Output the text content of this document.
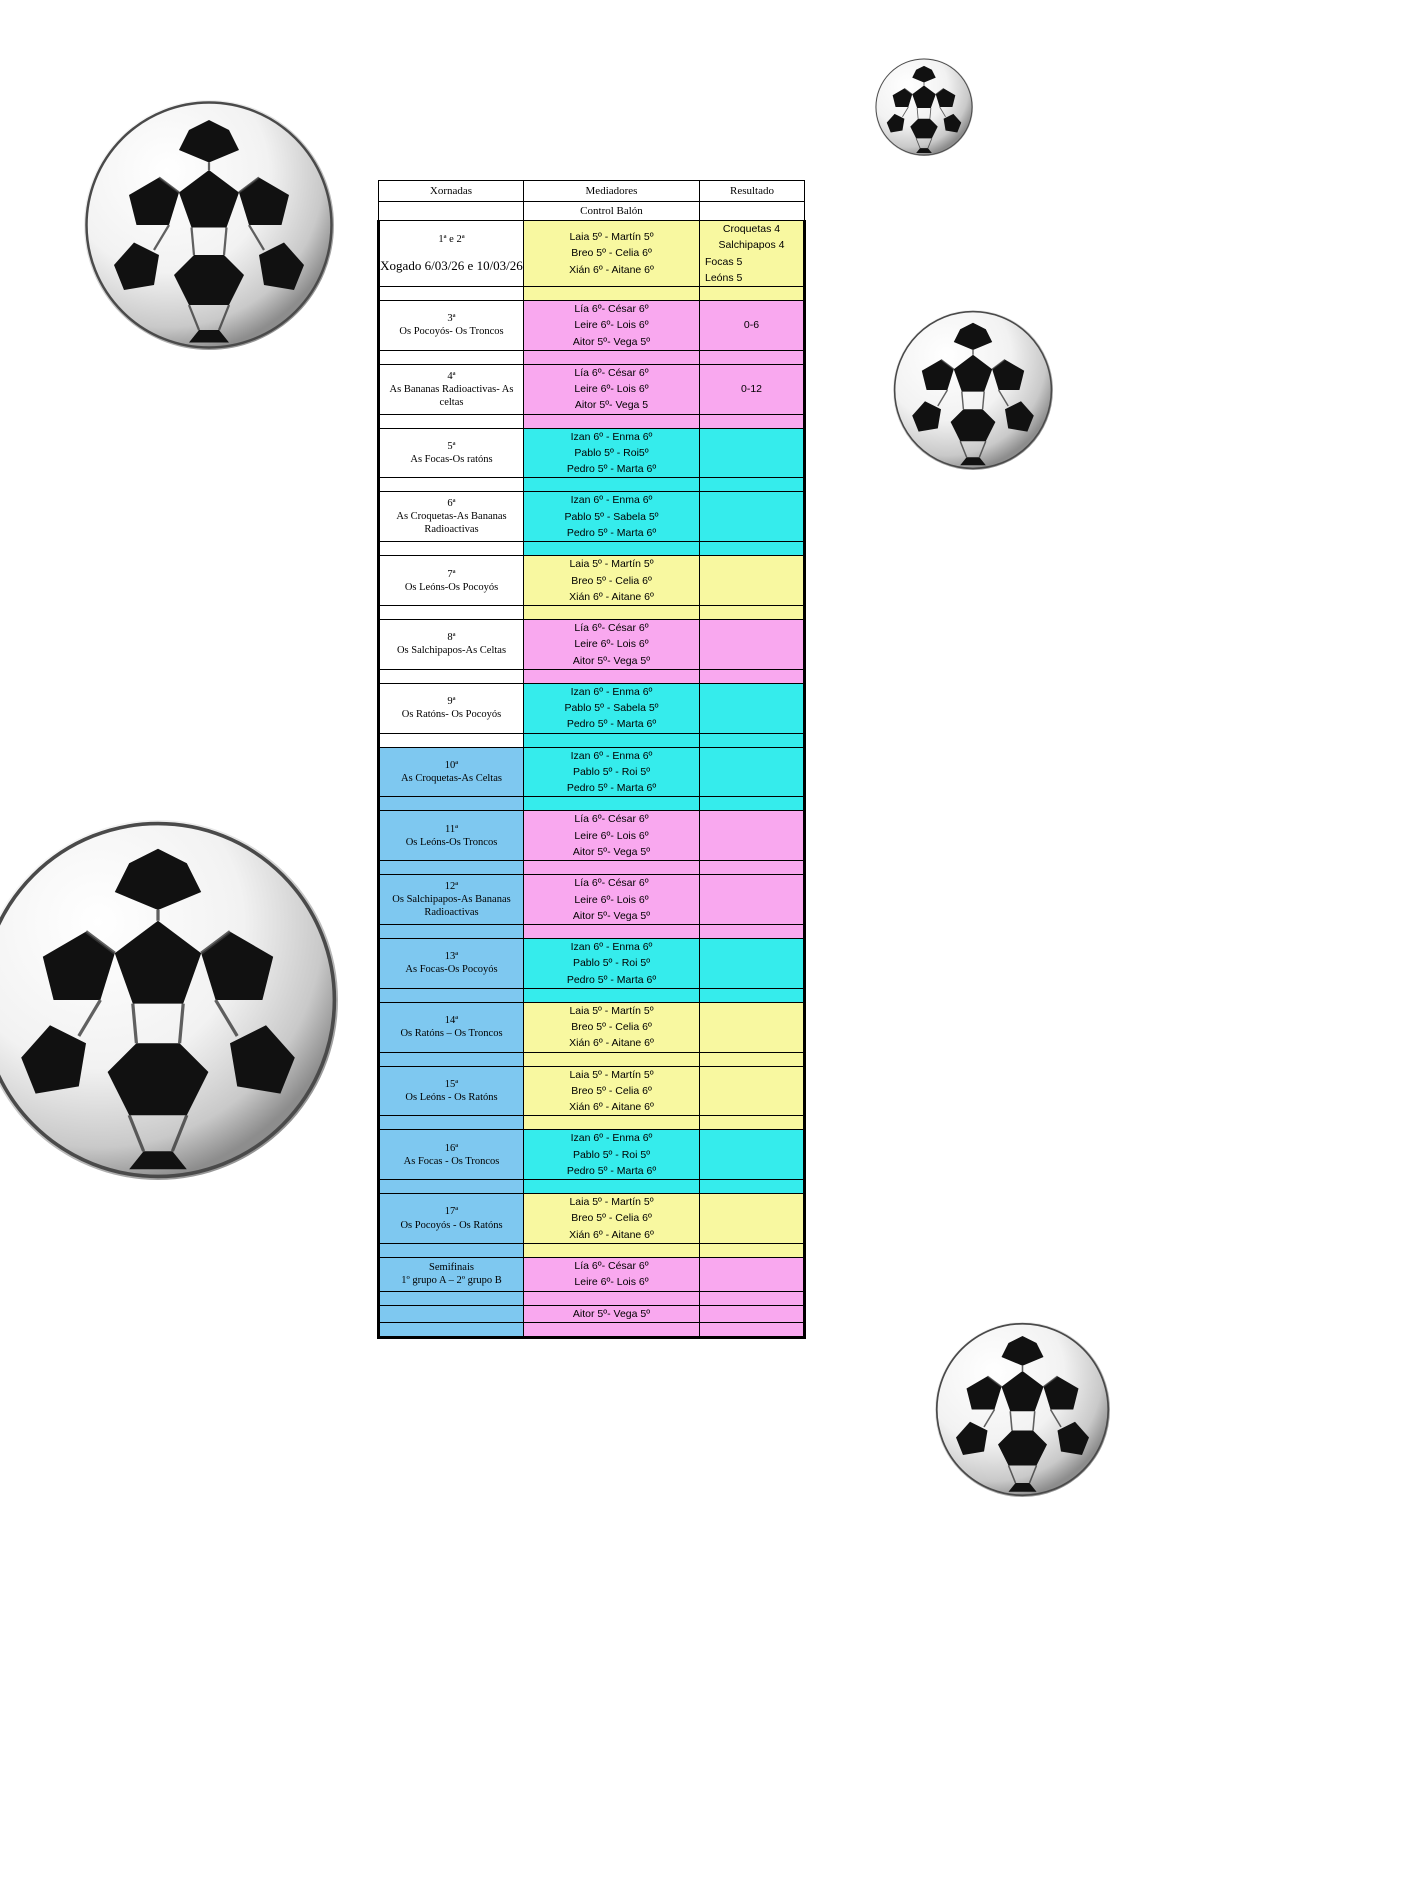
Xornadas	Mediadores	Resultado
	Control Balón	

1ª e 2ª
Xogado 6/03/26 e 10/03/26	Laia 5º - Martín 5º
Breo 5º - Celia 6º
Xián 6º - Aitane 6º	Croquetas 4
Salchipapos 4
Focas 5
Leóns 5

3ª
Os Pocoyós- Os Troncos	Lía 6º- César 6º
Leire 6º- Lois 6º
Aitor 5º- Vega 5º	0-6

4ª
As Bananas Radioactivas- As celtas	Lía 6º- César 6º
Leire 6º- Lois 6º
Aitor 5º- Vega 5	0-12

5ª
As Focas-Os ratóns	Izan 6º - Enma 6º
Pablo 5º - Roi5º
Pedro 5º - Marta 6º	

6ª
As Croquetas-As Bananas Radioactivas	Izan 6º - Enma 6º
Pablo 5º - Sabela 5º
Pedro 5º - Marta 6º	

7ª
Os Leóns-Os Pocoyós	Laia 5º - Martín 5º
Breo 5º - Celia 6º
Xián 6º - Aitane 6º	

8ª
Os Salchipapos-As Celtas	Lía 6º- César 6º
Leire 6º- Lois 6º
Aitor 5º- Vega 5º	

9ª
Os Ratóns- Os Pocoyós	Izan 6º - Enma 6º
Pablo 5º - Sabela 5º
Pedro 5º - Marta 6º	

10ª
As Croquetas-As Celtas	Izan 6º - Enma 6º
Pablo 5º - Roi 5º
Pedro 5º - Marta 6º	

11ª
Os Leóns-Os Troncos	Lía 6º- César 6º
Leire 6º- Lois 6º
Aitor 5º- Vega 5º	

12ª
Os Salchipapos-As Bananas Radioactivas	Lía 6º- César 6º
Leire 6º- Lois 6º
Aitor 5º- Vega 5º	

13ª
As Focas-Os Pocoyós	Izan 6º - Enma 6º
Pablo 5º - Roi 5º
Pedro 5º - Marta 6º	

14ª
Os Ratóns – Os Troncos	Laia 5º - Martín 5º
Breo 5º - Celia 6º
Xián 6º - Aitane 6º	

15ª
Os Leóns - Os Ratóns	Laia 5º - Martín 5º
Breo 5º - Celia 6º
Xián 6º - Aitane 6º	

16ª
As Focas - Os Troncos	Izan 6º - Enma 6º
Pablo 5º - Roi 5º
Pedro 5º - Marta 6º	

17ª
Os Pocoyós - Os Ratóns	Laia 5º - Martín 5º
Breo 5º - Celia 6º
Xián 6º - Aitane 6º	

Semifinais
1º grupo A – 2º grupo B	Lía 6º- César 6º
Leire 6º- Lois 6º	

	Aitor 5º- Vega 5º	
